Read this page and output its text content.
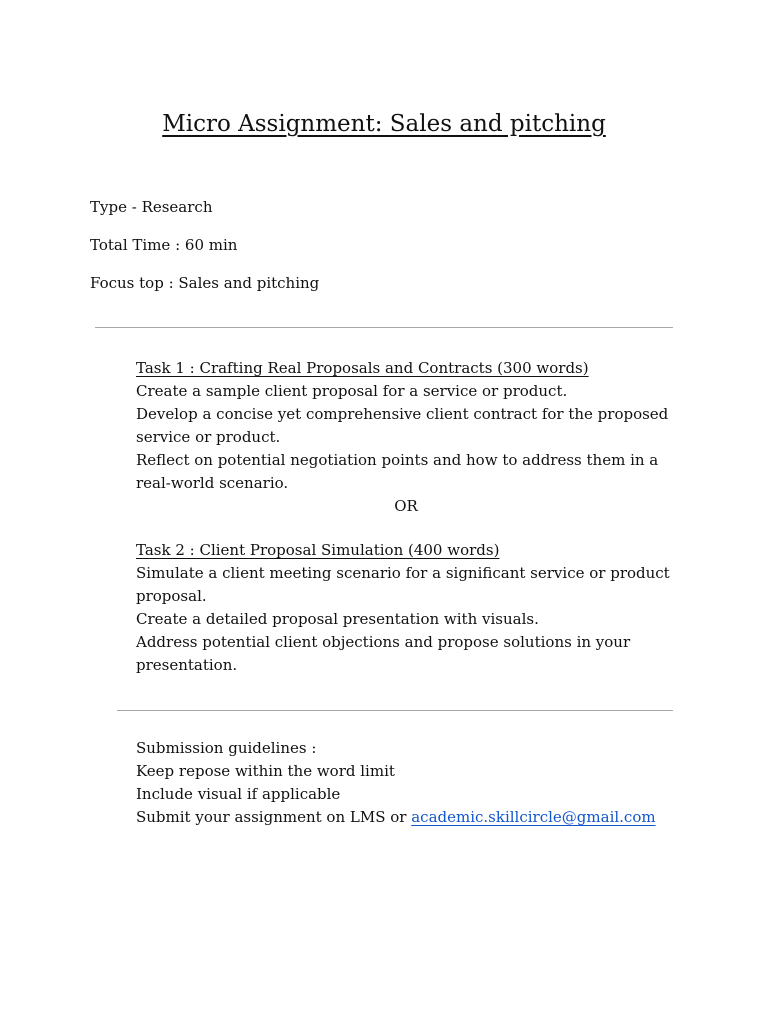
Micro Assignment: Sales and pitching
Type - Research
Total Time : 60 min
Focus top : Sales and pitching
Task 1 : Crafting Real Proposals and Contracts (300 words)
Create a sample client proposal for a service or product.
Develop a concise yet comprehensive client contract for the proposed
service or product.
Reflect on potential negotiation points and how to address them in a
real-world scenario.
OR
Task 2 : Client Proposal Simulation (400 words)
Simulate a client meeting scenario for a significant service or product
proposal.
Create a detailed proposal presentation with visuals.
Address potential client objections and propose solutions in your
presentation.
Submission guidelines :
Keep repose within the word limit
Include visual if applicable
Submit your assignment on LMS or academic.skillcircle@gmail.com
